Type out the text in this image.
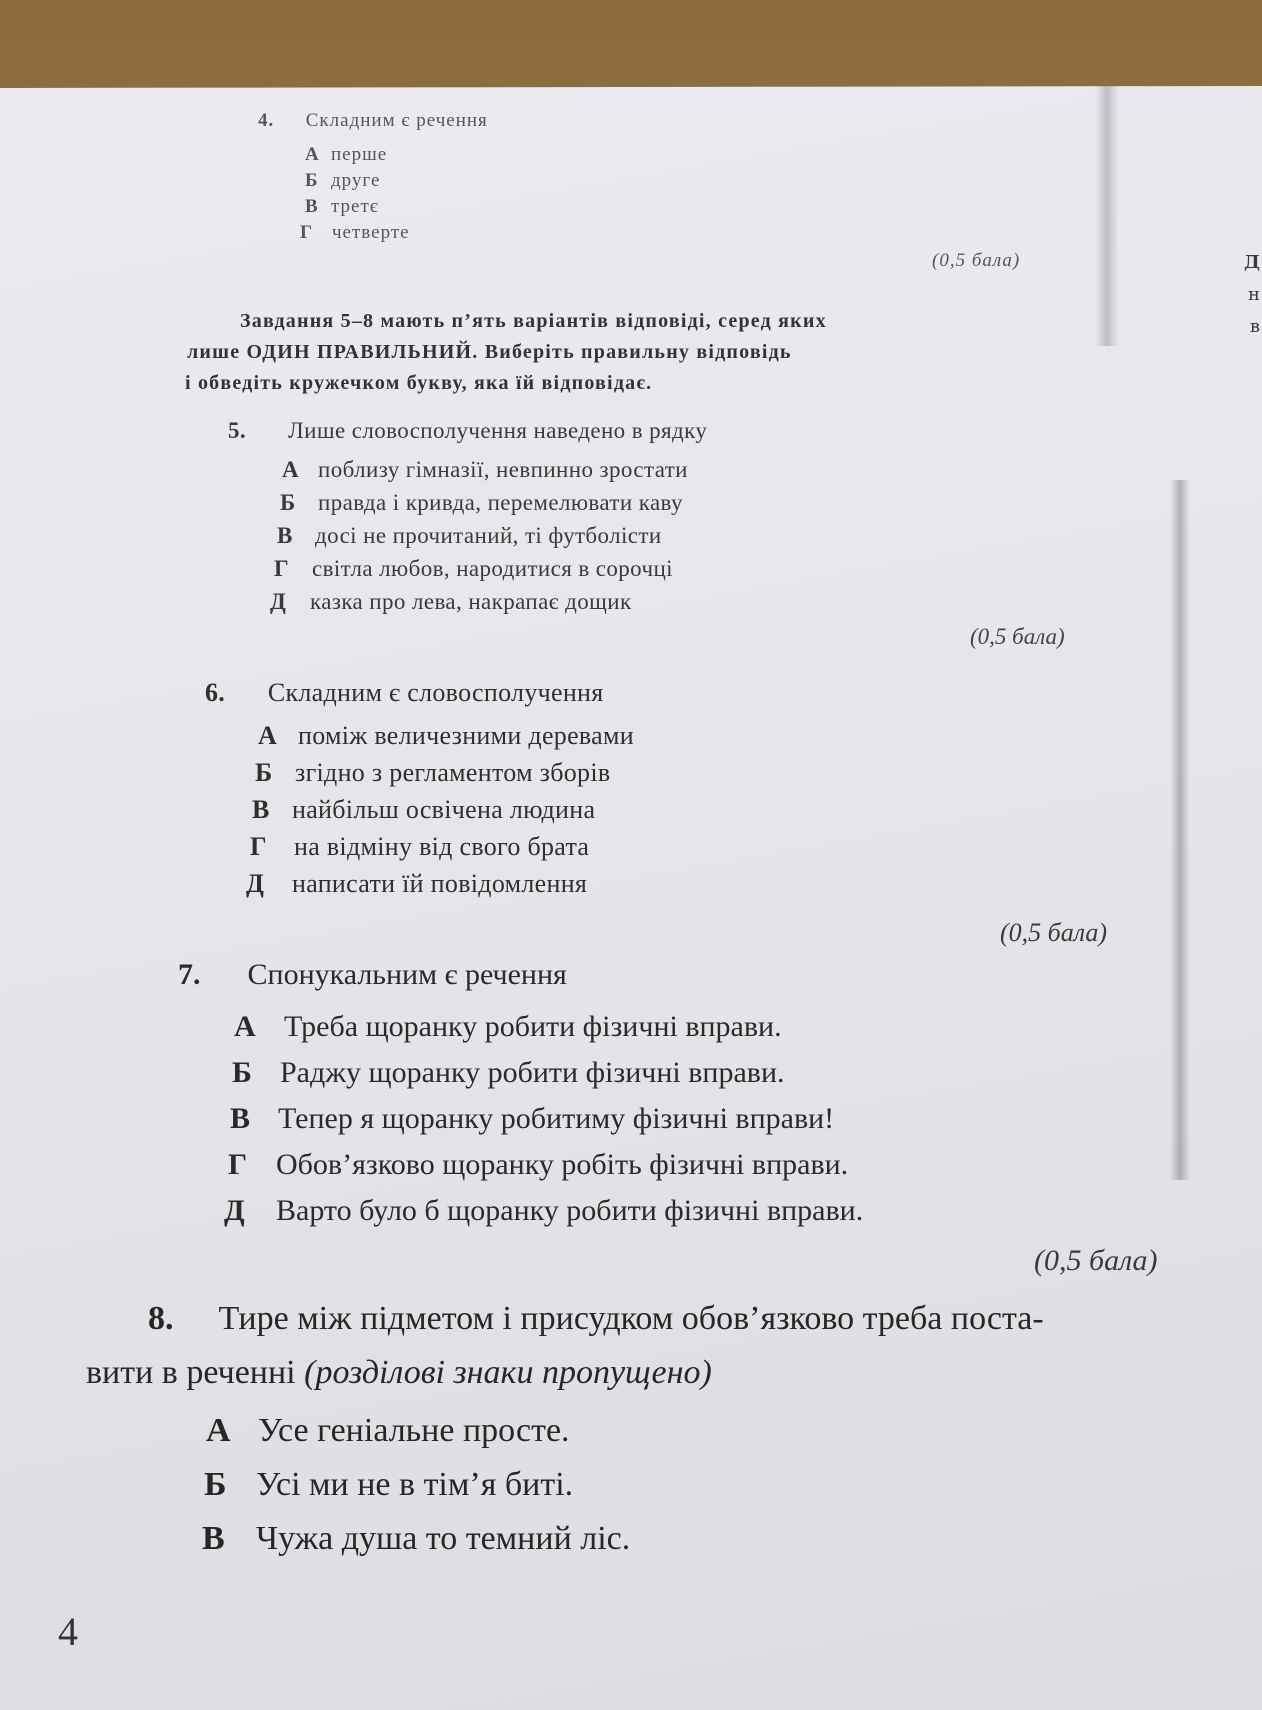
Д
н
в
4. Складним є речення
А перше
Б друге
В третє
Г четверте
(0,5 бала)
Завдання 5–8 мають п’ять варіантів відповіді, серед яких
лише ОДИН ПРАВИЛЬНИЙ. Виберіть правильну відповідь
і обведіть кружечком букву, яка їй відповідає.
5. Лише словосполучення наведено в рядку
А поблизу гімназії, невпинно зростати
Б правда і кривда, перемелювати каву
В досі не прочитаний, ті футболісти
Г світла любов, народитися в сорочці
Д казка про лева, накрапає дощик
(0,5 бала)
6. Складним є словосполучення
А поміж величезними деревами
Б згідно з регламентом зборів
В найбільш освічена людина
Г на відміну від свого брата
Д написати їй повідомлення
(0,5 бала)
7. Спонукальним є речення
А Треба щоранку робити фізичні вправи.
Б Раджу щоранку робити фізичні вправи.
В Тепер я щоранку робитиму фізичні вправи!
Г Обов’язково щоранку робіть фізичні вправи.
Д Варто було б щоранку робити фізичні вправи.
(0,5 бала)
8. Тире між підметом і присудком обов’язково треба поста-
вити в реченні (розділові знаки пропущено)
А Усе геніальне просте.
Б Усі ми не в тім’я биті.
В Чужа душа то темний ліс.
4
